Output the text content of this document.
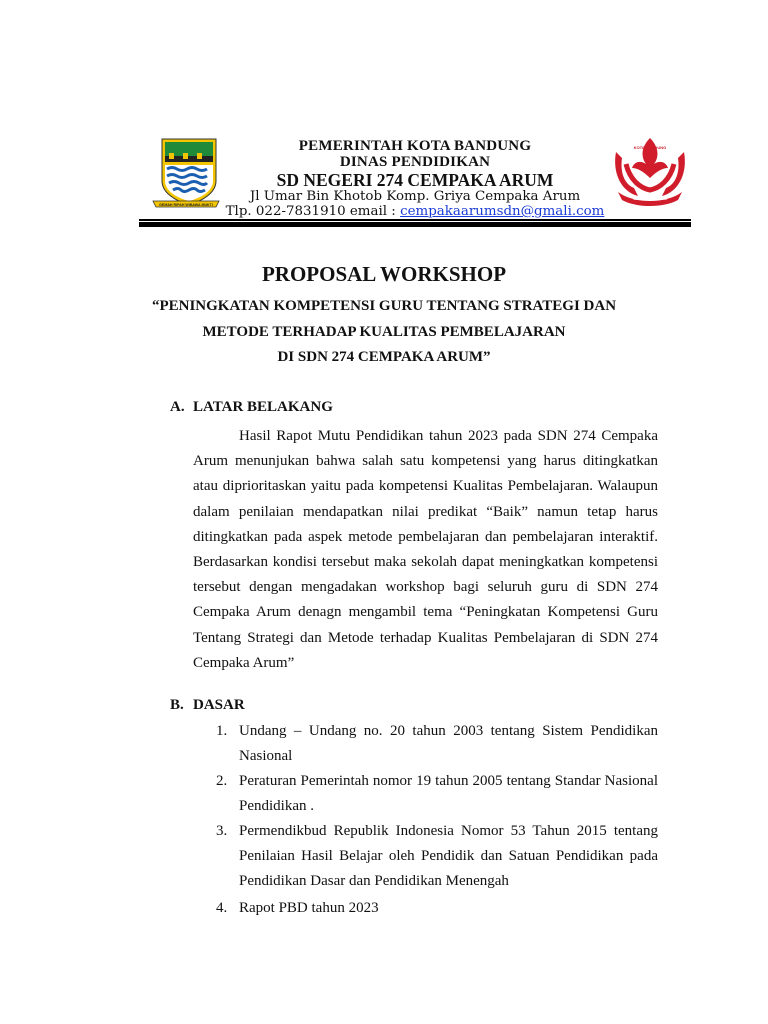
GEMAH RIPAH WIBAWA MUKTI
KOTA BANDUNG
SD CEMPAKA ARUM
PEMERINTAH KOTA BANDUNG
DINAS PENDIDIKAN
SD NEGERI 274 CEMPAKA ARUM
Jl Umar Bin Khotob Komp. Griya Cempaka Arum
Tlp. 022-7831910 email : cempakaarumsdn@gmali.com
PROPOSAL WORKSHOP
“PENINGKATAN KOMPETENSI GURU TENTANG STRATEGI DAN
METODE TERHADAP KUALITAS PEMBELAJARAN
DI SDN 274 CEMPAKA ARUM”
A. LATAR BELAKANG
Hasil Rapot Mutu Pendidikan tahun 2023 pada SDN 274 Cempaka Arum menunjukan bahwa salah satu kompetensi yang harus ditingkatkan atau diprioritaskan yaitu pada kompetensi Kualitas Pembelajaran. Walaupun dalam penilaian mendapatkan nilai predikat “Baik” namun tetap harus ditingkatkan pada aspek metode pembelajaran dan pembelajaran interaktif. Berdasarkan kondisi tersebut maka sekolah dapat meningkatkan kompetensi tersebut dengan mengadakan workshop bagi seluruh guru di SDN 274 Cempaka Arum denagn mengambil tema “Peningkatan Kompetensi Guru Tentang Strategi dan Metode terhadap Kualitas Pembelajaran di SDN 274 Cempaka Arum”
B. DASAR
1. Undang – Undang no. 20 tahun 2003 tentang Sistem Pendidikan Nasional
2. Peraturan Pemerintah nomor 19 tahun 2005 tentang Standar Nasional Pendidikan .
3. Permendikbud Republik Indonesia Nomor 53 Tahun 2015 tentang Penilaian Hasil Belajar oleh Pendidik dan Satuan Pendidikan pada Pendidikan Dasar dan Pendidikan Menengah
4. Rapot PBD tahun 2023
